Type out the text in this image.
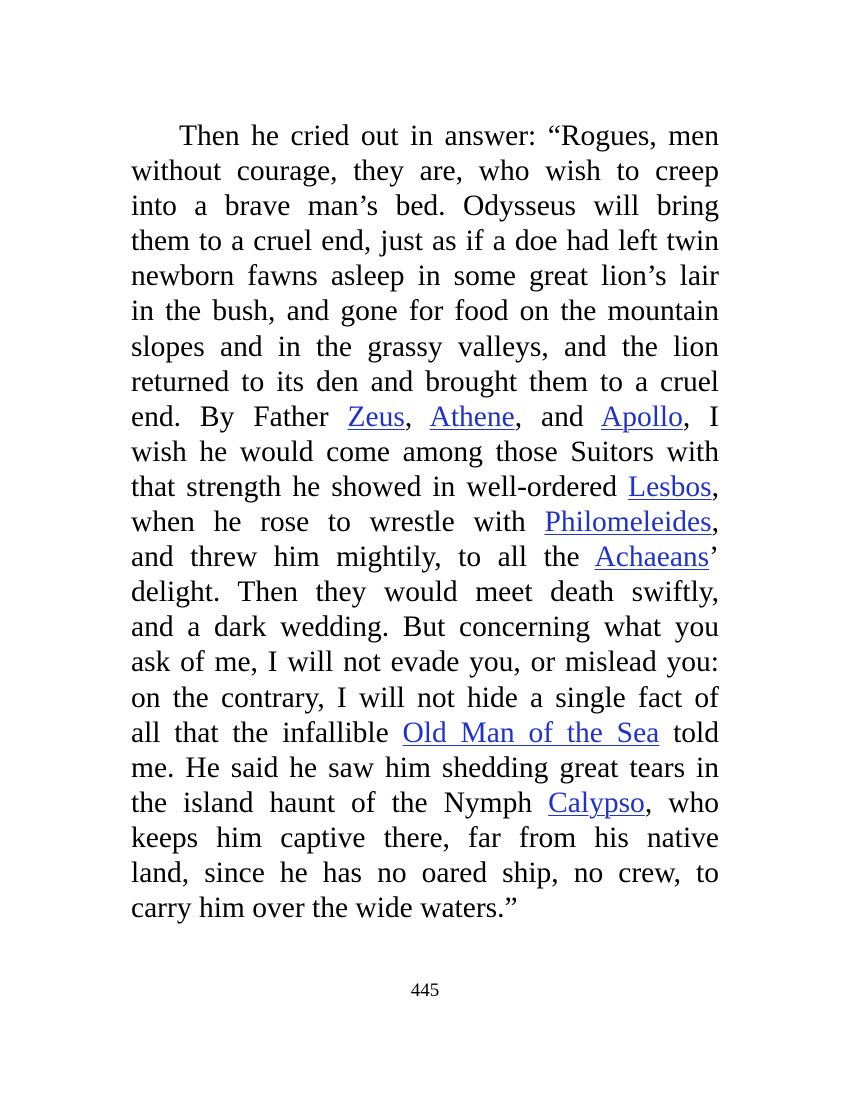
Then he cried out in answer: “Rogues, men
without courage, they are, who wish to creep
into a brave man’s bed. Odysseus will bring
them to a cruel end, just as if a doe had left twin
newborn fawns asleep in some great lion’s lair
in the bush, and gone for food on the mountain
slopes and in the grassy valleys, and the lion
returned to its den and brought them to a cruel
end. By Father Zeus, Athene, and Apollo, I
wish he would come among those Suitors with
that strength he showed in well-ordered Lesbos,
when he rose to wrestle with Philomeleides,
and threw him mightily, to all the Achaeans’
delight. Then they would meet death swiftly,
and a dark wedding. But concerning what you
ask of me, I will not evade you, or mislead you:
on the contrary, I will not hide a single fact of
all that the infallible Old Man of the Sea told
me. He said he saw him shedding great tears in
the island haunt of the Nymph Calypso, who
keeps him captive there, far from his native
land, since he has no oared ship, no crew, to
carry him over the wide waters.”
445
